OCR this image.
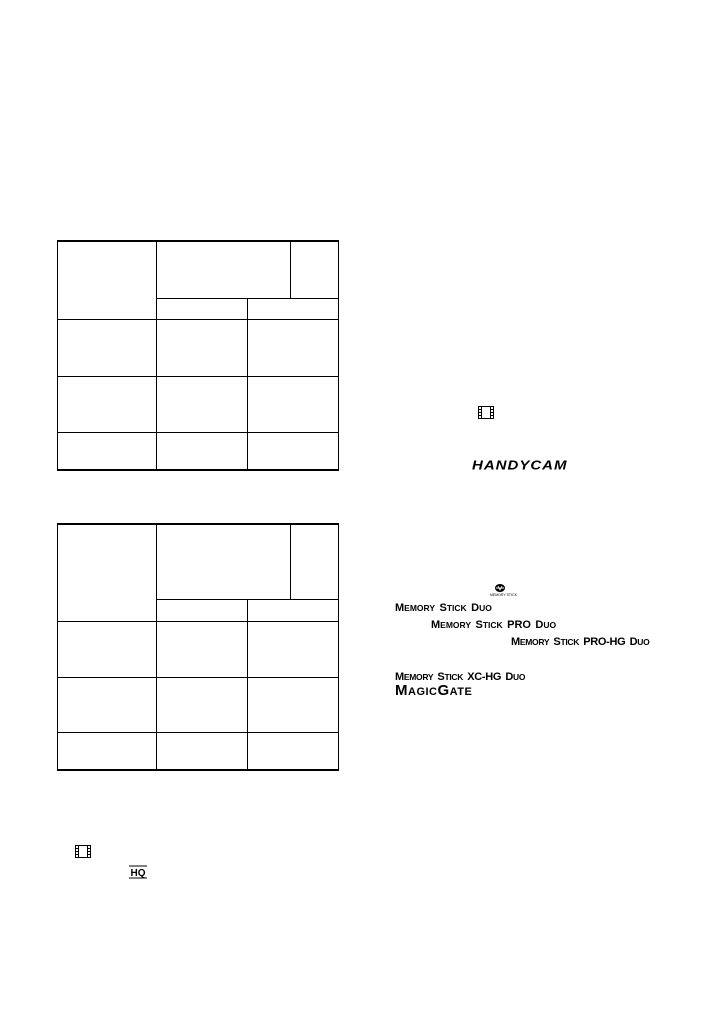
HANDYCAM
MEMORY STICK
MEMORY STICK DUO
MEMORY STICK PRO DUO
MEMORY STICK PRO-HG DUO
MEMORY STICK XC-HG DUO
MAGICGATE
HQ
